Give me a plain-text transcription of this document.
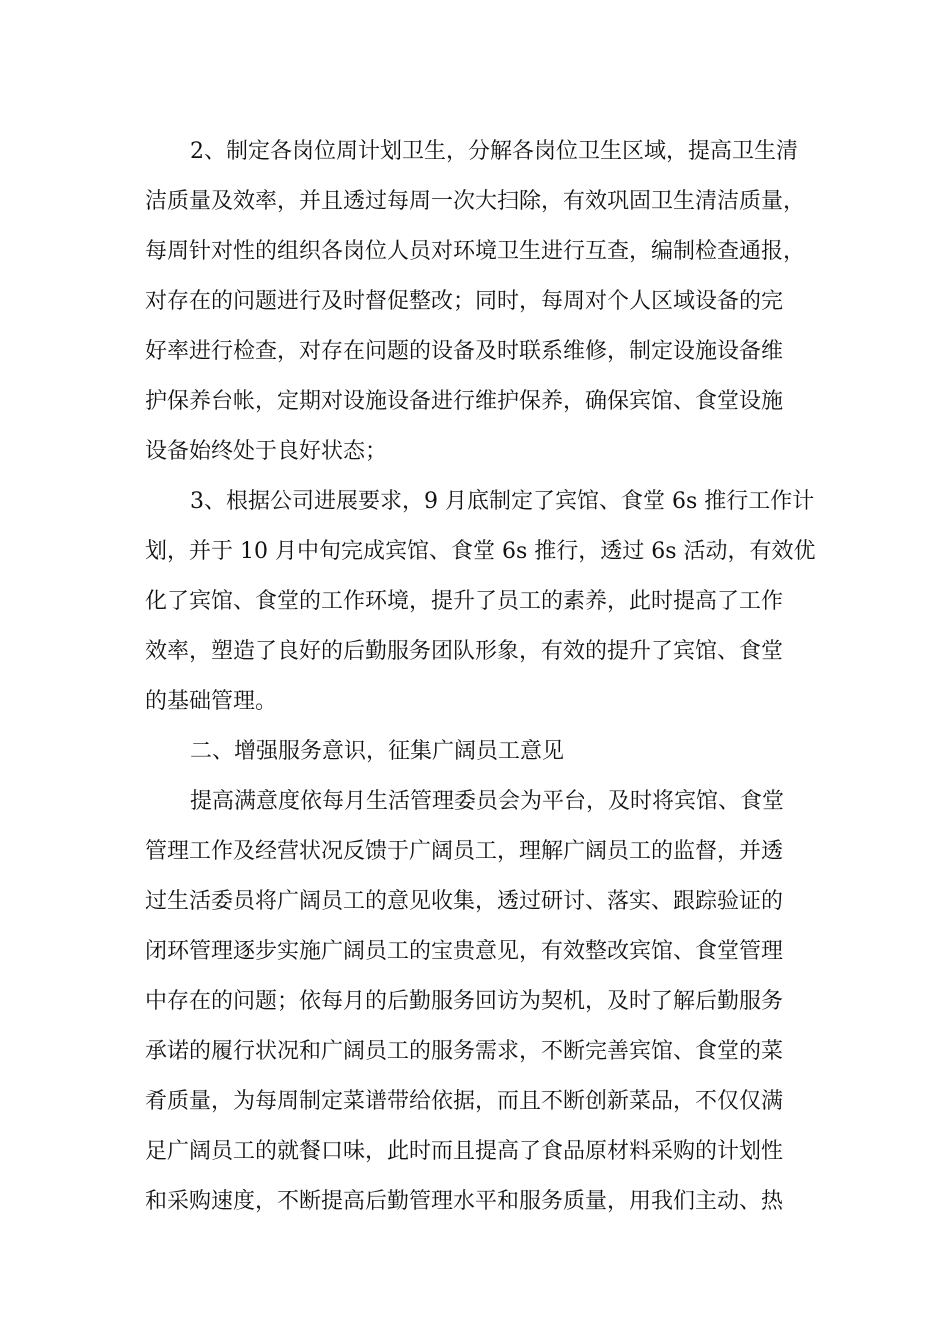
2、制定各岗位周计划卫生，分解各岗位卫生区域，提高卫生清
洁质量及效率，并且透过每周一次大扫除，有效巩固卫生清洁质量，
每周针对性的组织各岗位人员对环境卫生进行互查，编制检查通报，
对存在的问题进行及时督促整改；同时，每周对个人区域设备的完
好率进行检查，对存在问题的设备及时联系维修，制定设施设备维
护保养台帐，定期对设施设备进行维护保养，确保宾馆、食堂设施
设备始终处于良好状态；
3、根据公司进展要求，9 月底制定了宾馆、食堂 6s 推行工作计
划，并于 10 月中旬完成宾馆、食堂 6s 推行，透过 6s 活动，有效优
化了宾馆、食堂的工作环境，提升了员工的素养，此时提高了工作
效率，塑造了良好的后勤服务团队形象，有效的提升了宾馆、食堂
的基础管理。
二、增强服务意识，征集广阔员工意见
提高满意度依每月生活管理委员会为平台，及时将宾馆、食堂
管理工作及经营状况反馈于广阔员工，理解广阔员工的监督，并透
过生活委员将广阔员工的意见收集，透过研讨、落实、跟踪验证的
闭环管理逐步实施广阔员工的宝贵意见，有效整改宾馆、食堂管理
中存在的问题；依每月的后勤服务回访为契机，及时了解后勤服务
承诺的履行状况和广阔员工的服务需求，不断完善宾馆、食堂的菜
肴质量，为每周制定菜谱带给依据，而且不断创新菜品，不仅仅满
足广阔员工的就餐口味，此时而且提高了食品原材料采购的计划性
和采购速度，不断提高后勤管理水平和服务质量，用我们主动、热
